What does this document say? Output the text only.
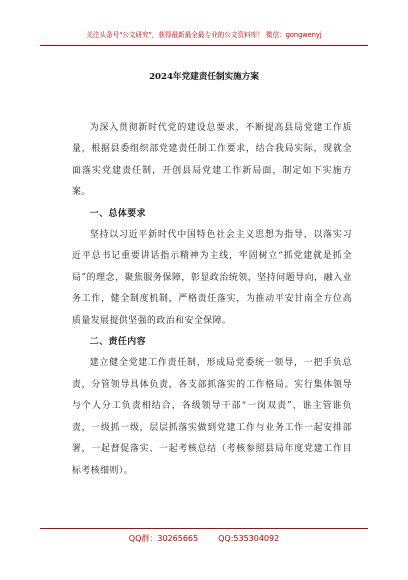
关注头条号"公文研究"，获得最新最全最专业的公文资料库！ 微信：gongwenyj
2024年党建责任制实施方案

为深入贯彻新时代党的建设总要求，不断提高县局党建工作质量，根据县委组织部党建责任制工作要求，结合我局实际，现就全面落实党建责任制，开创县局党建工作新局面，制定如下实施方案。

一、总体要求

坚持以习近平新时代中国特色社会主义思想为指导，以落实习近平总书记重要讲话指示精神为主线，牢固树立“抓党建就是抓全局”的理念，聚焦服务保障，彰显政治统领，坚持问题导向，融入业务工作，健全制度机制，严格责任落实，为推动平安甘南全方位高质量发展提供坚强的政治和安全保障。

二、责任内容

建立健全党建工作责任制，形成局党委统一领导，一把手负总责，分管领导具体负责，各支部抓落实的工作格局。实行集体领导与个人分工负责相结合，各级领导干部“一岗双责”，谁主管谁负责，一级抓一级，层层抓落实做到党建工作与业务工作一起安排部署，一起督促落实、一起考核总结（考核参照县局年度党建工作目标考核细则）。

QQ群：30265665	QQ:535304092
